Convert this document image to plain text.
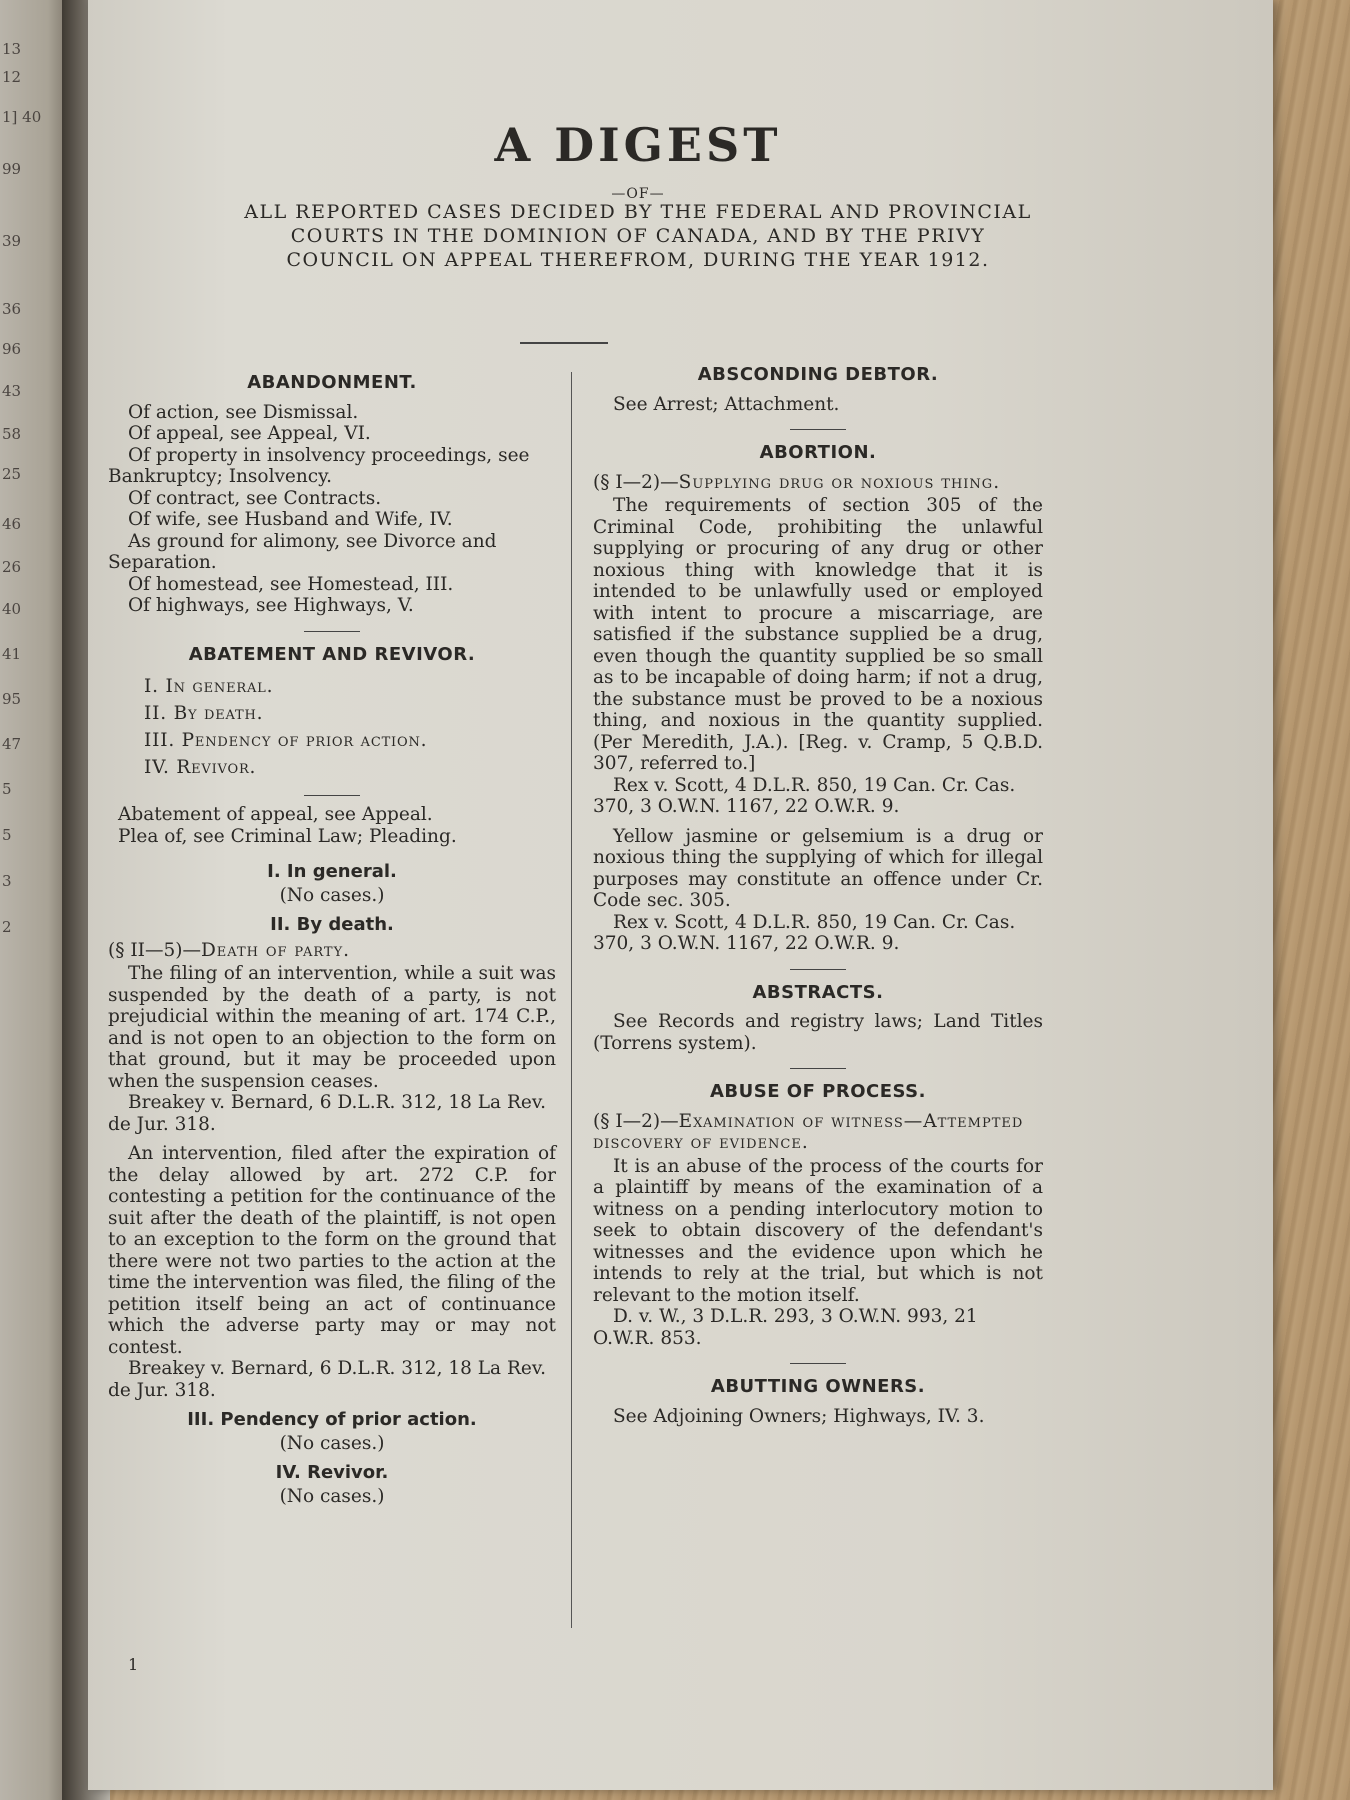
13
12
1] 40
99
39
36
96
43
58
25
46
26
40
41
95
47
5
5
3
2
A DIGEST
—OF—
ALL REPORTED CASES DECIDED BY THE FEDERAL AND PROVINCIAL COURTS IN THE DOMINION OF CANADA, AND BY THE PRIVY COUNCIL ON APPEAL THEREFROM, DURING THE YEAR 1912.
ABANDONMENT.

Of action, see Dismissal.

Of appeal, see Appeal, VI.

Of property in insolvency proceedings, see Bankruptcy; Insolvency.

Of contract, see Contracts.

Of wife, see Husband and Wife, IV.

As ground for alimony, see Divorce and Separation.

Of homestead, see Homestead, III.

Of highways, see Highways, V.

ABATEMENT AND REVIVOR.
I. In general.
II. By death.
III. Pendency of prior action.
IV. Revivor.

Abatement of appeal, see Appeal.

Plea of, see Criminal Law; Pleading.

I. In general.
(No cases.)
II. By death.
(§ II—5)—Death of party.

The filing of an intervention, while a suit was suspended by the death of a party, is not prejudicial within the meaning of art. 174 C.P., and is not open to an objection to the form on that ground, but it may be proceeded upon when the suspension ceases.

Breakey v. Bernard, 6 D.L.R. 312, 18 La Rev. de Jur. 318.

An intervention, filed after the expiration of the delay allowed by art. 272 C.P. for contesting a petition for the continuance of the suit after the death of the plaintiff, is not open to an exception to the form on the ground that there were not two parties to the action at the time the intervention was filed, the filing of the petition itself being an act of continuance which the adverse party may or may not contest.

Breakey v. Bernard, 6 D.L.R. 312, 18 La Rev. de Jur. 318.

III. Pendency of prior action.
(No cases.)
IV. Revivor.
(No cases.)
ABSCONDING DEBTOR.

See Arrest; Attachment.

ABORTION.
(§ I—2)—Supplying drug or noxious thing.

The requirements of section 305 of the Criminal Code, prohibiting the unlawful supplying or procuring of any drug or other noxious thing with knowledge that it is intended to be unlawfully used or employed with intent to procure a miscarriage, are satisfied if the substance supplied be a drug, even though the quantity supplied be so small as to be incapable of doing harm; if not a drug, the substance must be proved to be a noxious thing, and noxious in the quantity supplied. (Per Meredith, J.A.). [Reg. v. Cramp, 5 Q.B.D. 307, referred to.]

Rex v. Scott, 4 D.L.R. 850, 19 Can. Cr. Cas. 370, 3 O.W.N. 1167, 22 O.W.R. 9.

Yellow jasmine or gelsemium is a drug or noxious thing the supplying of which for illegal purposes may constitute an offence under Cr. Code sec. 305.

Rex v. Scott, 4 D.L.R. 850, 19 Can. Cr. Cas. 370, 3 O.W.N. 1167, 22 O.W.R. 9.

ABSTRACTS.

See Records and registry laws; Land Titles (Torrens system).

ABUSE OF PROCESS.
(§ I—2)—Examination of witness—Attempted discovery of evidence.

It is an abuse of the process of the courts for a plaintiff by means of the examination of a witness on a pending interlocutory motion to seek to obtain discovery of the defendant's witnesses and the evidence upon which he intends to rely at the trial, but which is not relevant to the motion itself.

D. v. W., 3 D.L.R. 293, 3 O.W.N. 993, 21 O.W.R. 853.

ABUTTING OWNERS.

See Adjoining Owners; Highways, IV. 3.

1
